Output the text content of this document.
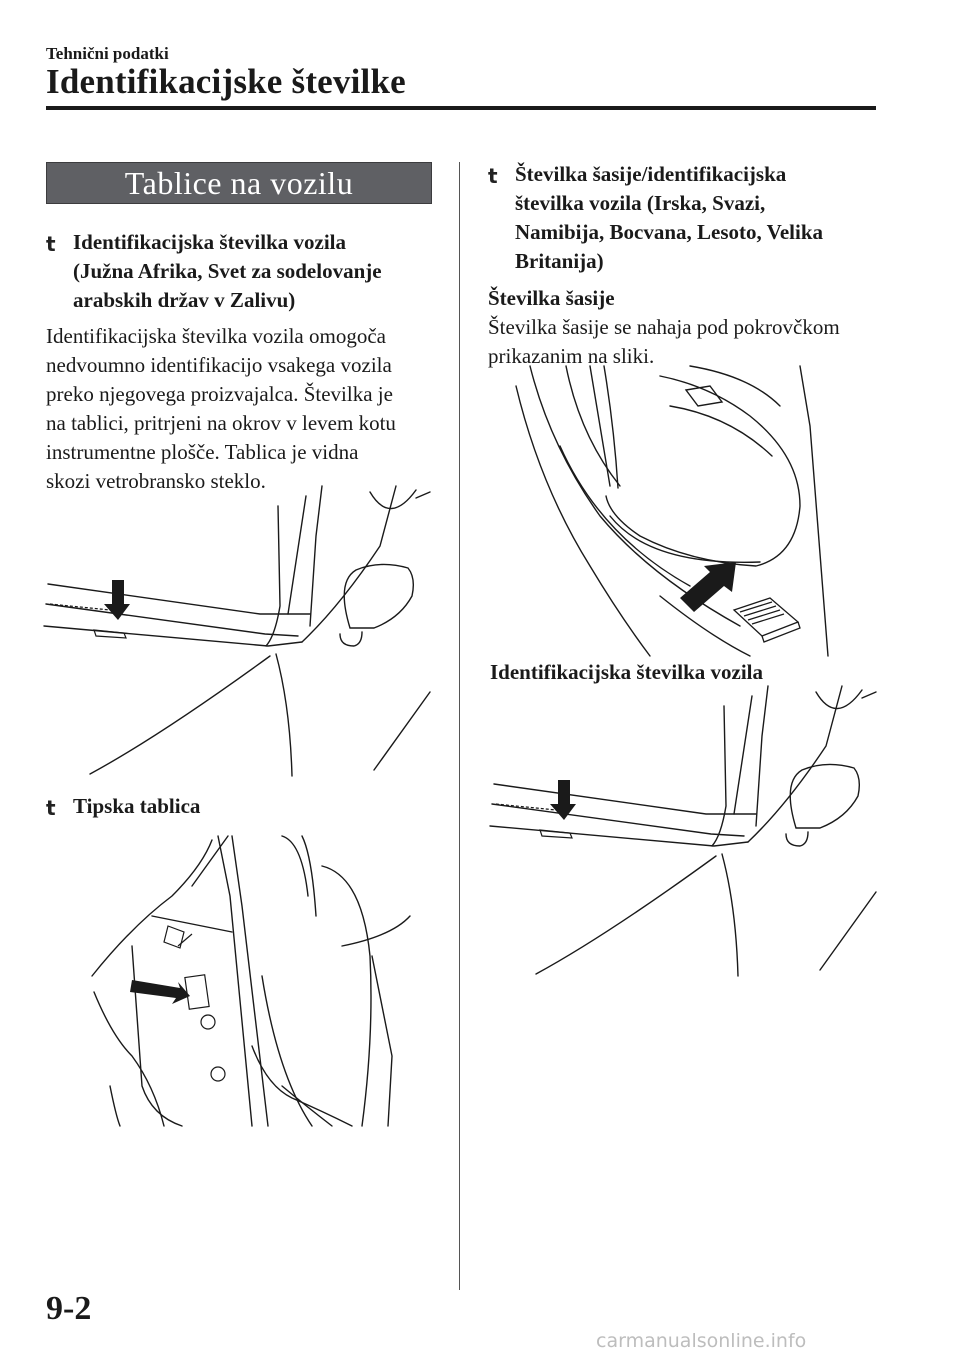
Tehnični podatki
Identifikacijske številke
Tablice na vozilu
t Identifikacijska številka vozila
(Južna Afrika, Svet za sodelovanje
arabskih držav v Zalivu)
Identifikacijska številka vozila omogoča
nedvoumno identifikacijo vsakega vozila
preko njegovega proizvajalca. Številka je
na tablici, pritrjeni na okrov v levem kotu
instrumentne plošče. Tablica je vidna
skozi vetrobransko steklo.
t Tipska tablica
t Številka šasije/identifikacijska
številka vozila (Irska, Svazi,
Namibija, Bocvana, Lesoto, Velika
Britanija)
Številka šasije
Številka šasije se nahaja pod pokrovčkom
prikazanim na sliki.
Identifikacijska številka vozila
9-2
carmanualsonline.info
